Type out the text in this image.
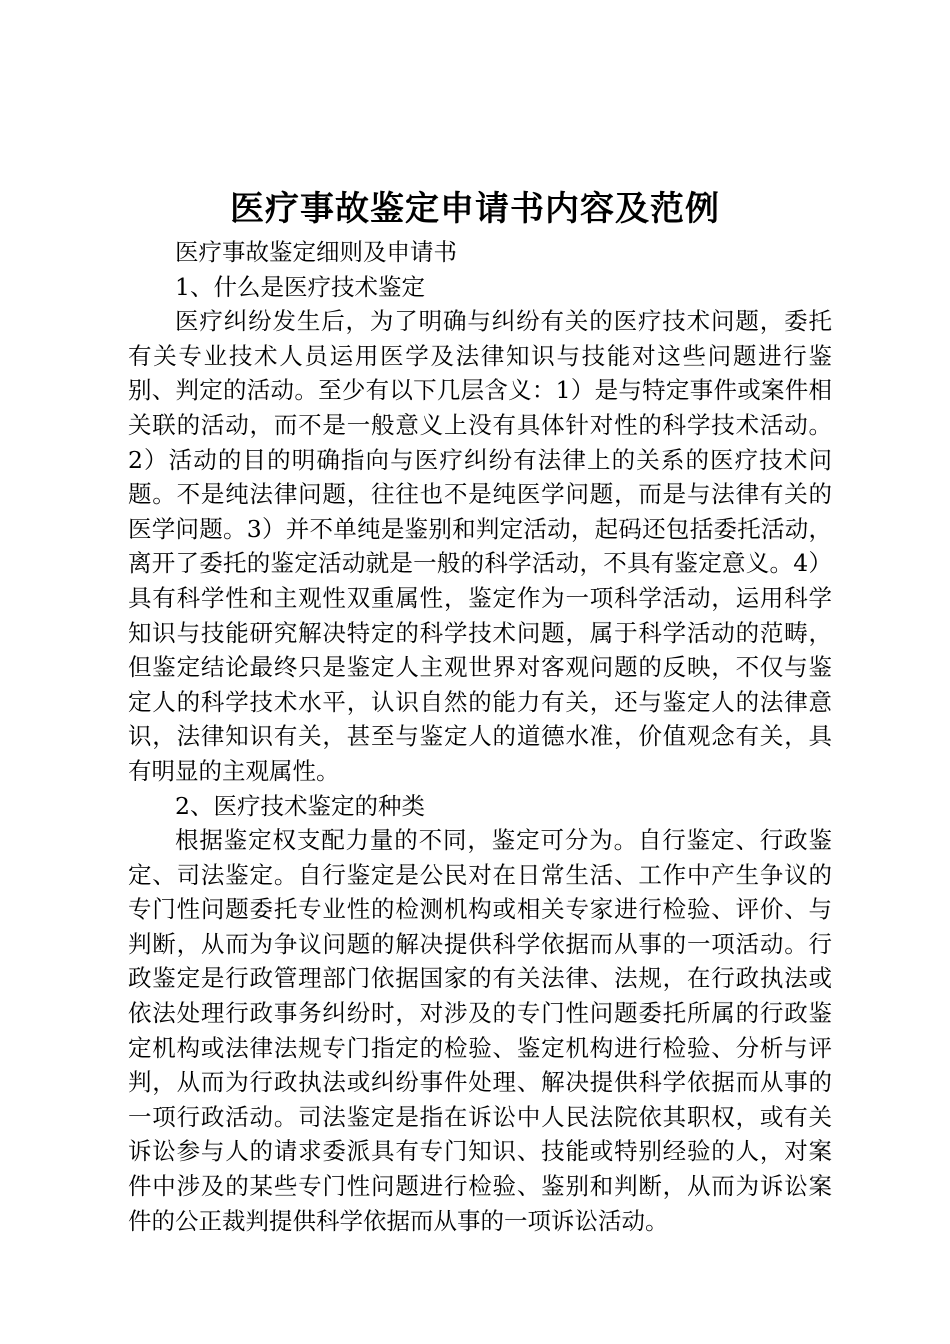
医疗事故鉴定申请书内容及范例

医疗事故鉴定细则及申请书

1、什么是医疗技术鉴定

医疗纠纷发生后，为了明确与纠纷有关的医疗技术问题，委托有关专业技术人员运用医学及法律知识与技能对这些问题进行鉴别、判定的活动。至少有以下几层含义：1）是与特定事件或案件相关联的活动，而不是一般意义上没有具体针对性的科学技术活动。2）活动的目的明确指向与医疗纠纷有法律上的关系的医疗技术问题。不是纯法律问题，往往也不是纯医学问题，而是与法律有关的医学问题。3）并不单纯是鉴别和判定活动，起码还包括委托活动，离开了委托的鉴定活动就是一般的科学活动，不具有鉴定意义。4）具有科学性和主观性双重属性，鉴定作为一项科学活动，运用科学知识与技能研究解决特定的科学技术问题，属于科学活动的范畴，但鉴定结论最终只是鉴定人主观世界对客观问题的反映，不仅与鉴定人的科学技术水平，认识自然的能力有关，还与鉴定人的法律意识，法律知识有关，甚至与鉴定人的道德水准，价值观念有关，具有明显的主观属性。

2、医疗技术鉴定的种类

根据鉴定权支配力量的不同，鉴定可分为。自行鉴定、行政鉴定、司法鉴定。自行鉴定是公民对在日常生活、工作中产生争议的专门性问题委托专业性的检测机构或相关专家进行检验、评价、与判断，从而为争议问题的解决提供科学依据而从事的一项活动。行政鉴定是行政管理部门依据国家的有关法律、法规，在行政执法或依法处理行政事务纠纷时，对涉及的专门性问题委托所属的行政鉴定机构或法律法规专门指定的检验、鉴定机构进行检验、分析与评判，从而为行政执法或纠纷事件处理、解决提供科学依据而从事的一项行政活动。司法鉴定是指在诉讼中人民法院依其职权，或有关诉讼参与人的请求委派具有专门知识、技能或特别经验的人，对案件中涉及的某些专门性问题进行检验、鉴别和判断，从而为诉讼案件的公正裁判提供科学依据而从事的一项诉讼活动。
